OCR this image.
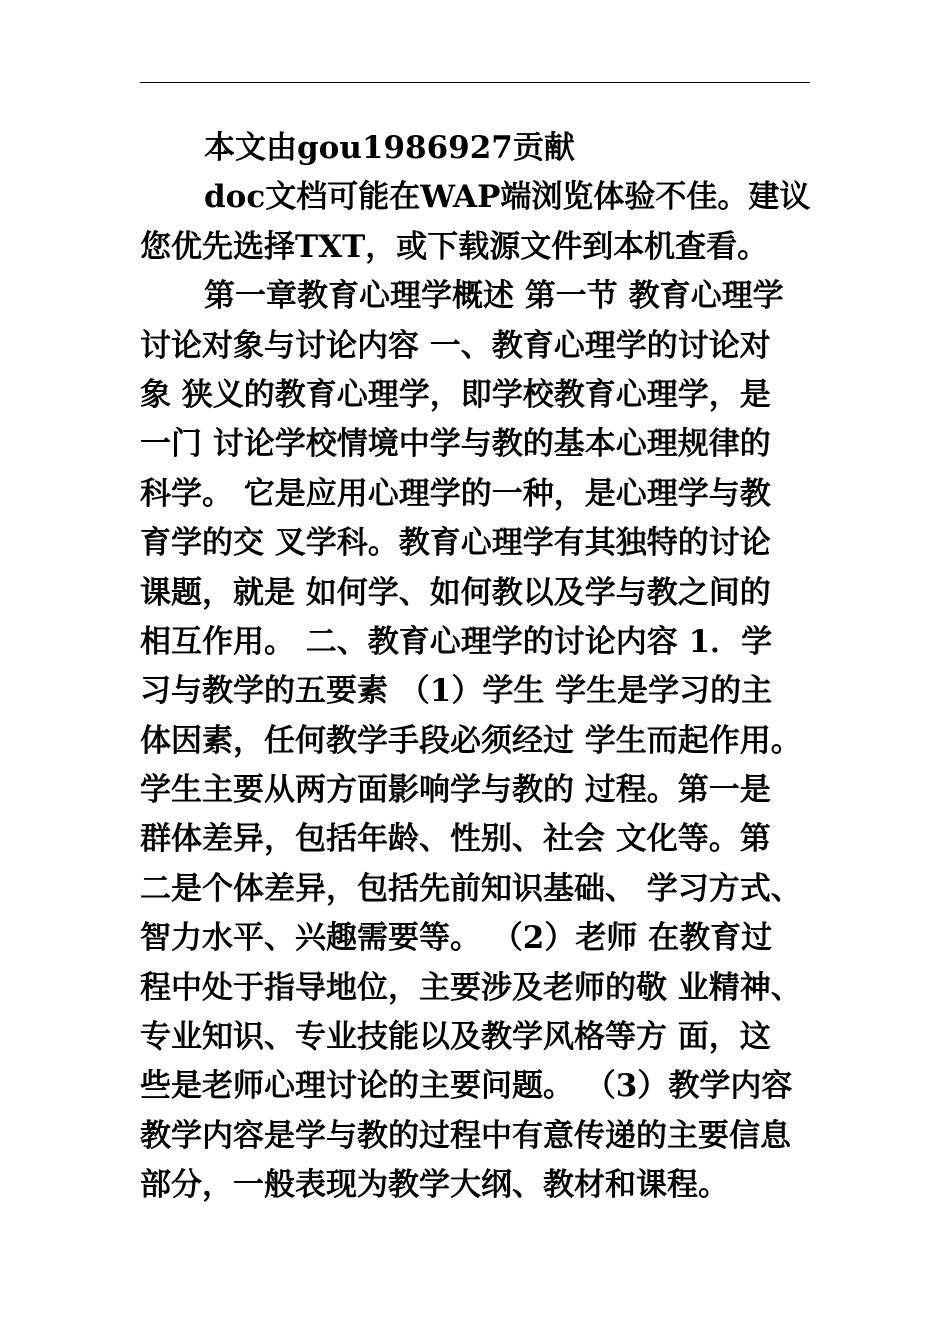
本文由gou1986927贡献
doc文档可能在WAP端浏览体验不佳。建议
您优先选择TXT，或下载源文件到本机查看。
第一章教育心理学概述 第一节 教育心理学
讨论对象与讨论内容 一、教育心理学的讨论对
象 狭义的教育心理学，即学校教育心理学，是
一门 讨论学校情境中学与教的基本心理规律的
科学。 它是应用心理学的一种，是心理学与教
育学的交 叉学科。教育心理学有其独特的讨论
课题，就是 如何学、如何教以及学与教之间的
相互作用。 二、教育心理学的讨论内容 1．学
习与教学的五要素 （1）学生 学生是学习的主
体因素，任何教学手段必须经过 学生而起作用。
学生主要从两方面影响学与教的 过程。第一是
群体差异，包括年龄、性别、社会 文化等。第
二是个体差异，包括先前知识基础、 学习方式、
智力水平、兴趣需要等。 （2）老师 在教育过
程中处于指导地位，主要涉及老师的敬 业精神、
专业知识、专业技能以及教学风格等方 面，这
些是老师心理讨论的主要问题。 （3）教学内容
教学内容是学与教的过程中有意传递的主要信息
部分，一般表现为教学大纲、教材和课程。
